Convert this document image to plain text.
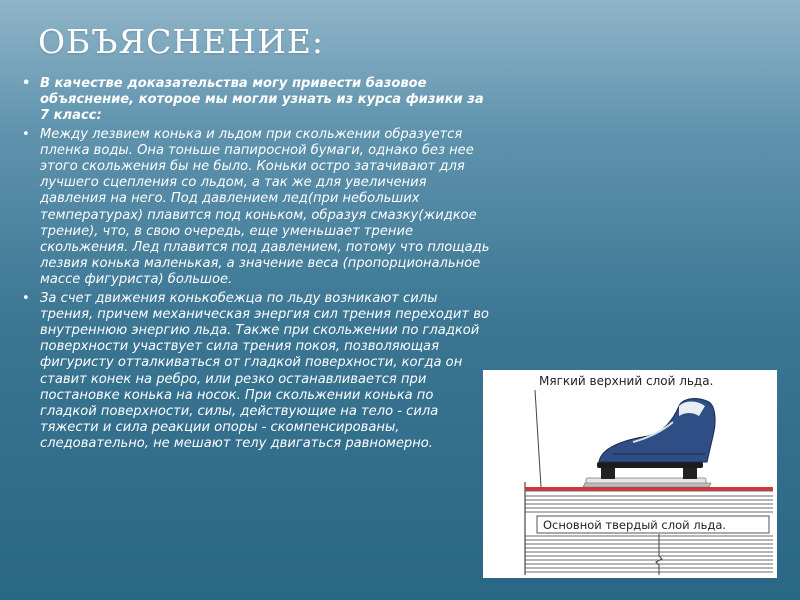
ОБЪЯСНЕНИЕ:
• В качестве доказательства могу привести базовое объяснение, которое мы могли узнать из курса физики за 7 класс:
• Между лезвием конька и льдом при скольжении образуется пленка воды. Она тоньше папиросной бумаги, однако без нее этого скольжения бы не было. Коньки остро затачивают для лучшего сцепления со льдом, а так же для увеличения давления на него. Под давлением лед(при небольших температурах) плавится под коньком, образуя смазку(жидкое трение), что, в свою очередь, еще уменьшает трение скольжения. Лед плавится под давлением, потому что площадь лезвия конька маленькая, а значение веса (пропорциональное массе фигуриста) большое.
• За счет движения конькобежца по льду возникают силы трения, причем механическая энергия сил трения переходит во внутреннюю энергию льда. Также при скольжении по гладкой поверхности участвует сила трения покоя, позволяющая фигуристу отталкиваться от гладкой поверхности, когда он ставит конек на ребро, или резко останавливается при постановке конька на носок. При скольжении конька по гладкой поверхности, силы, действующие на тело - сила тяжести и сила реакции опоры - скомпенсированы, следовательно, не мешают телу двигаться равномерно.
Мягкий верхний слой льда.
Основной твердый слой льда.
